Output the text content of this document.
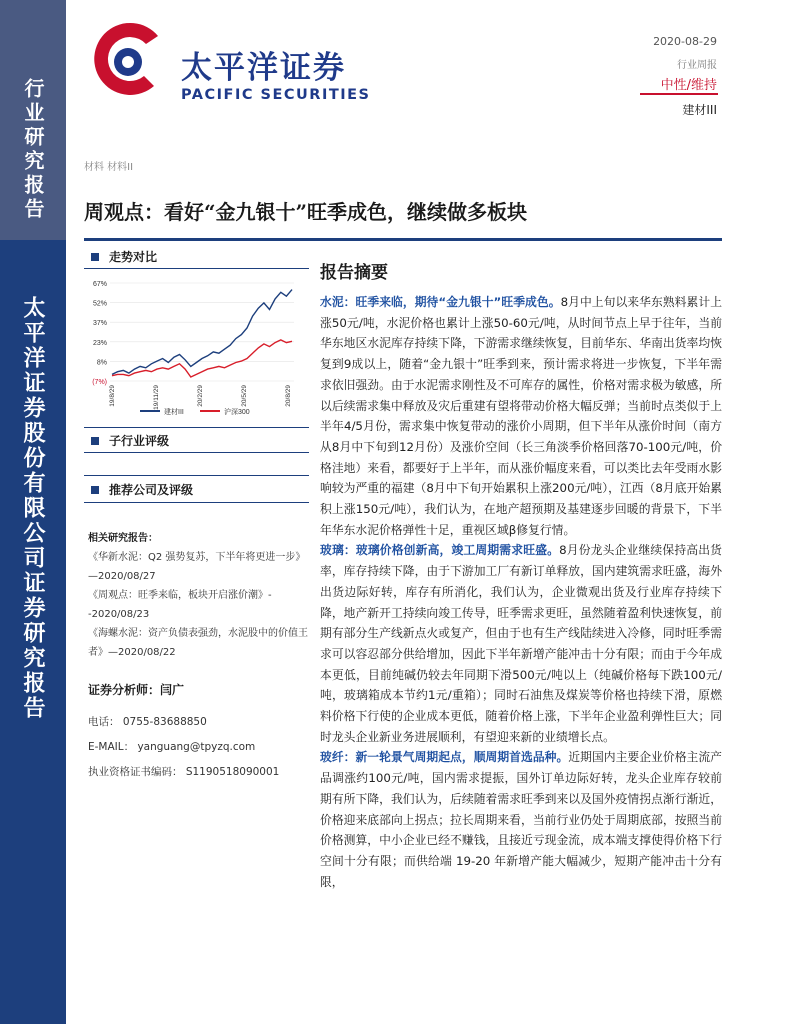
行业研究报告
太平洋证券股份有限公司证券研究报告
太平洋证券
PACIFIC SECURITIES
2020-08-29
行业周报
中性/维持
建材III
材料 材料II
周观点：看好“金九银十”旺季成色，继续做多板块
走势对比
67%
52%
37%
23%
8%
(7%)
19/8/29	19/11/29	20/2/29	20/5/29	20/8/29
建材III	沪深300
子行业评级
推荐公司及评级
相关研究报告：
《华新水泥：Q2 强势复苏，下半年将更进一步》—2020/08/27
《周观点：旺季来临，板块开启涨价潮》--2020/08/23
《海螺水泥：资产负债表强劲，水泥股中的价值王者》—2020/08/22
证券分析师：闫广
电话： 0755-83688850
E-MAIL： yanguang@tpyzq.com
执业资格证书编码： S1190518090001
报告摘要

水泥：旺季来临，期待“金九银十”旺季成色。8月中上旬以来华东熟料累计上涨50元/吨，水泥价格也累计上涨50-60元/吨，从时间节点上早于往年，当前华东地区水泥库存持续下降，下游需求继续恢复，目前华东、华南出货率均恢复到9成以上，随着“金九银十”旺季到来，预计需求将进一步恢复，下半年需求依旧强劲。由于水泥需求刚性及不可库存的属性，价格对需求极为敏感，所以后续需求集中释放及灾后重建有望将带动价格大幅反弹；当前时点类似于上半年4/5月份，需求集中恢复带动的涨价小周期，但下半年从涨价时间（南方从8月中下旬到12月份）及涨价空间（长三角淡季价格回落70-100元/吨，价格洼地）来看，都要好于上半年，而从涨价幅度来看，可以类比去年受雨水影响较为严重的福建（8月中下旬开始累积上涨200元/吨），江西（8月底开始累积上涨150元/吨），我们认为，在地产超预期及基建逐步回暖的背景下，下半年华东水泥价格弹性十足，重视区域β修复行情。

玻璃：玻璃价格创新高，竣工周期需求旺盛。8月份龙头企业继续保持高出货率，库存持续下降，由于下游加工厂有新订单释放，国内建筑需求旺盛，海外出货边际好转，库存有所消化，我们认为，企业微观出货及行业库存持续下降，地产新开工持续向竣工传导，旺季需求更旺，虽然随着盈利快速恢复，前期有部分生产线新点火或复产，但由于也有生产线陆续进入冷修，同时旺季需求可以容忍部分供给增加，因此下半年新增产能冲击十分有限；而由于今年成本更低，目前纯碱仍较去年同期下滑500元/吨以上（纯碱价格每下跌100元/吨，玻璃箱成本节约1元/重箱）；同时石油焦及煤炭等价格也持续下滑，原燃料价格下行使的企业成本更低，随着价格上涨，下半年企业盈利弹性巨大；同时龙头企业新业务进展顺利，有望迎来新的业绩增长点。

玻纤：新一轮景气周期起点，顺周期首选品种。近期国内主要企业价格主流产品调涨约100元/吨，国内需求提振，国外订单边际好转，龙头企业库存较前期有所下降，我们认为，后续随着需求旺季到来以及国外疫情拐点渐行渐近，价格迎来底部向上拐点；拉长周期来看，当前行业仍处于周期底部，按照当前价格测算，中小企业已经不赚钱，且接近亏现金流，成本端支撑使得价格下行空间十分有限；而供给端 19-20 年新增产能大幅减少，短期产能冲击十分有限，
